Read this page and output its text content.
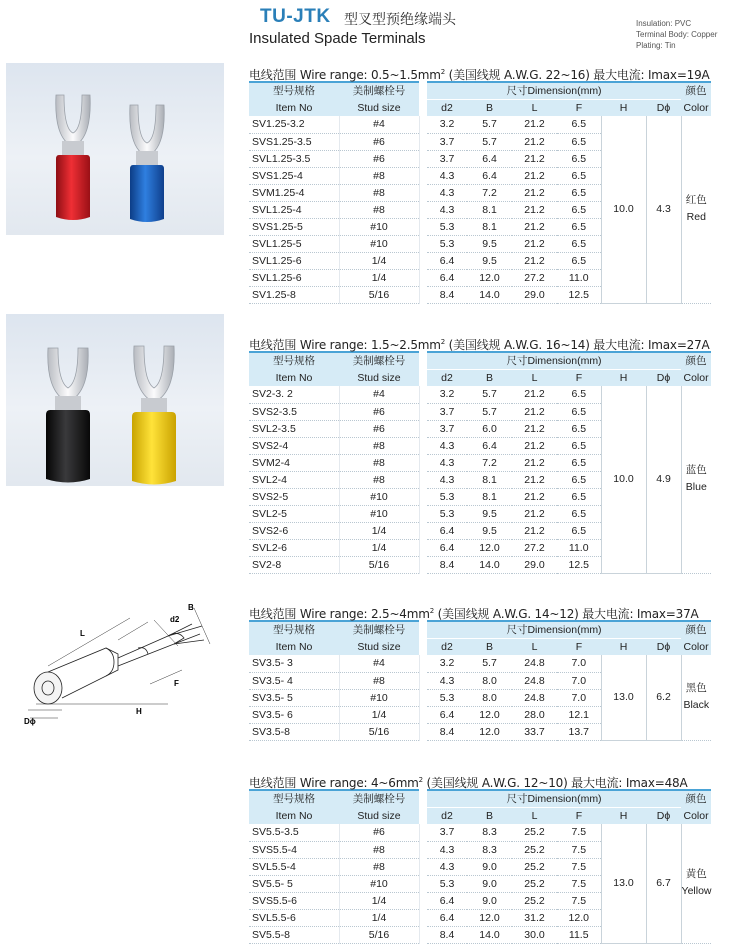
TU-JTK 型叉型预绝缘端头
Insulated Spade Terminals
Insulation: PVC
Terminal Body: Copper
Plating: Tin
L
B
d2
F
H
Dϕ
电线范围 Wire range: $0.5\sim 1.5mm^2$ (美国线规 A.W.G. 22~16) 最大电流: Imax=19A
型号规格	美制螺栓号		尺寸Dimension(mm)						颜色
Item No	Stud size		d2	B	L	F	H	Dϕ	Color
SV1.25-3.2	#4		3.2	5.7	21.2	6.5	10.0	4.3	红色
Red

SVS1.25-3.5	#6		3.7	5.7	21.2	6.5			
SVL1.25-3.5	#6		3.7	6.4	21.2	6.5			
SVS1.25-4	#8		4.3	6.4	21.2	6.5			
SVM1.25-4	#8		4.3	7.2	21.2	6.5			
SVL1.25-4	#8		4.3	8.1	21.2	6.5			
SVS1.25-5	#10		5.3	8.1	21.2	6.5			
SVL1.25-5	#10		5.3	9.5	21.2	6.5			
SVL1.25-6	1/4		6.4	9.5	21.2	6.5			
SVL1.25-6	1/4		6.4	12.0	27.2	11.0			
SV1.25-8	5/16		8.4	14.0	29.0	12.5			
电线范围 Wire range: $1.5\sim 2.5mm^2$ (美国线规 A.W.G. 16~14) 最大电流: Imax=27A
型号规格	美制螺栓号		尺寸Dimension(mm)						颜色
Item No	Stud size		d2	B	L	F	H	Dϕ	Color
SV2-3. 2	#4		3.2	5.7	21.2	6.5	10.0	4.9	蓝色
Blue

SVS2-3.5	#6		3.7	5.7	21.2	6.5			
SVL2-3.5	#6		3.7	6.0	21.2	6.5			
SVS2-4	#8		4.3	6.4	21.2	6.5			
SVM2-4	#8		4.3	7.2	21.2	6.5			
SVL2-4	#8		4.3	8.1	21.2	6.5			
SVS2-5	#10		5.3	8.1	21.2	6.5			
SVL2-5	#10		5.3	9.5	21.2	6.5			
SVS2-6	1/4		6.4	9.5	21.2	6.5			
SVL2-6	1/4		6.4	12.0	27.2	11.0			
SV2-8	5/16		8.4	14.0	29.0	12.5			
电线范围 Wire range: $2.5\sim 4mm^2$ (美国线规 A.W.G. 14~12) 最大电流: Imax=37A
型号规格	美制螺栓号		尺寸Dimension(mm)						颜色
Item No	Stud size		d2	B	L	F	H	Dϕ	Color
SV3.5- 3	#4		3.2	5.7	24.8	7.0	13.0	6.2	黑色
Black

SV3.5- 4	#8		4.3	8.0	24.8	7.0			
SV3.5- 5	#10		5.3	8.0	24.8	7.0			
SV3.5- 6	1/4		6.4	12.0	28.0	12.1			
SV3.5-8	5/16		8.4	12.0	33.7	13.7			
电线范围 Wire range: $4\sim 6mm^2$ (美国线规 A.W.G. 12~10) 最大电流: Imax=48A
型号规格	美制螺栓号		尺寸Dimension(mm)						颜色
Item No	Stud size		d2	B	L	F	H	Dϕ	Color
SV5.5-3.5	#6		3.7	8.3	25.2	7.5	13.0	6.7	黄色
Yellow

SVS5.5-4	#8		4.3	8.3	25.2	7.5			
SVL5.5-4	#8		4.3	9.0	25.2	7.5			
SV5.5- 5	#10		5.3	9.0	25.2	7.5			
SVS5.5-6	1/4		6.4	9.0	25.2	7.5			
SVL5.5-6	1/4		6.4	12.0	31.2	12.0			
SV5.5-8	5/16		8.4	14.0	30.0	11.5			
